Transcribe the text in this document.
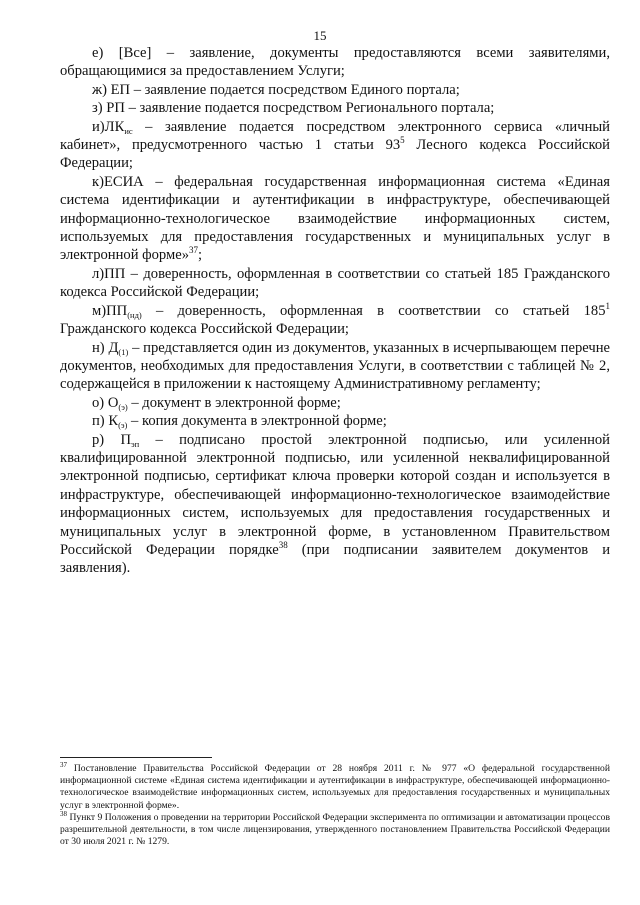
15

е) [Все] – заявление, документы предоставляются всеми заявителями, обращающимися за предоставлением Услуги;

ж) ЕП – заявление подается посредством Единого портала;

з) РП – заявление подается посредством Регионального портала;

$и)ЛК_{ис}$ – заявление подается посредством электронного сервиса «личный кабинет», предусмотренного частью 1 статьи $93^5$ Лесного кодекса Российской Федерации;

к)ЕСИА – федеральная государственная информационная система «Единая система идентификации и аутентификации в инфраструктуре, обеспечивающей информационно-технологическое взаимодействие информационных систем, используемых для предоставления государственных и муниципальных услуг в электронной форме»$^{37}$;

л)ПП – доверенность, оформленная в соответствии со статьей 185 Гражданского кодекса Российской Федерации;

$м)ПП_{(нд)}$ – доверенность, оформленная в соответствии со статьей $185^1$ Гражданского кодекса Российской Федерации;

н) $Д_{(1)}$ – представляется один из документов, указанных в исчерпывающем перечне документов, необходимых для предоставления Услуги, в соответствии с таблицей № 2, содержащейся в приложении к настоящему Административному регламенту;

о) $О_{(э)}$ – документ в электронной форме;

п) $К_{(э)}$ – копия документа в электронной форме;

р) $П_{эп}$ – подписано простой электронной подписью, или усиленной квалифицированной электронной подписью, или усиленной неквалифицированной электронной подписью, сертификат ключа проверки которой создан и используется в инфраструктуре, обеспечивающей информационно-технологическое взаимодействие информационных систем, используемых для предоставления государственных и муниципальных услуг в электронной форме, в установленном Правительством Российской Федерации порядке$^{38}$ (при подписании заявителем документов и заявления).

$^{37}$ Постановление Правительства Российской Федерации от 28 ноября 2011 г. № 977 «О федеральной государственной информационной системе «Единая система идентификации и аутентификации в инфраструктуре, обеспечивающей информационно-технологическое взаимодействие информационных систем, используемых для предоставления государственных и муниципальных услуг в электронной форме».

$^{38}$ Пункт 9 Положения о проведении на территории Российской Федерации эксперимента по оптимизации и автоматизации процессов разрешительной деятельности, в том числе лицензирования, утвержденного постановлением Правительства Российской Федерации от 30 июля 2021 г. № 1279.
